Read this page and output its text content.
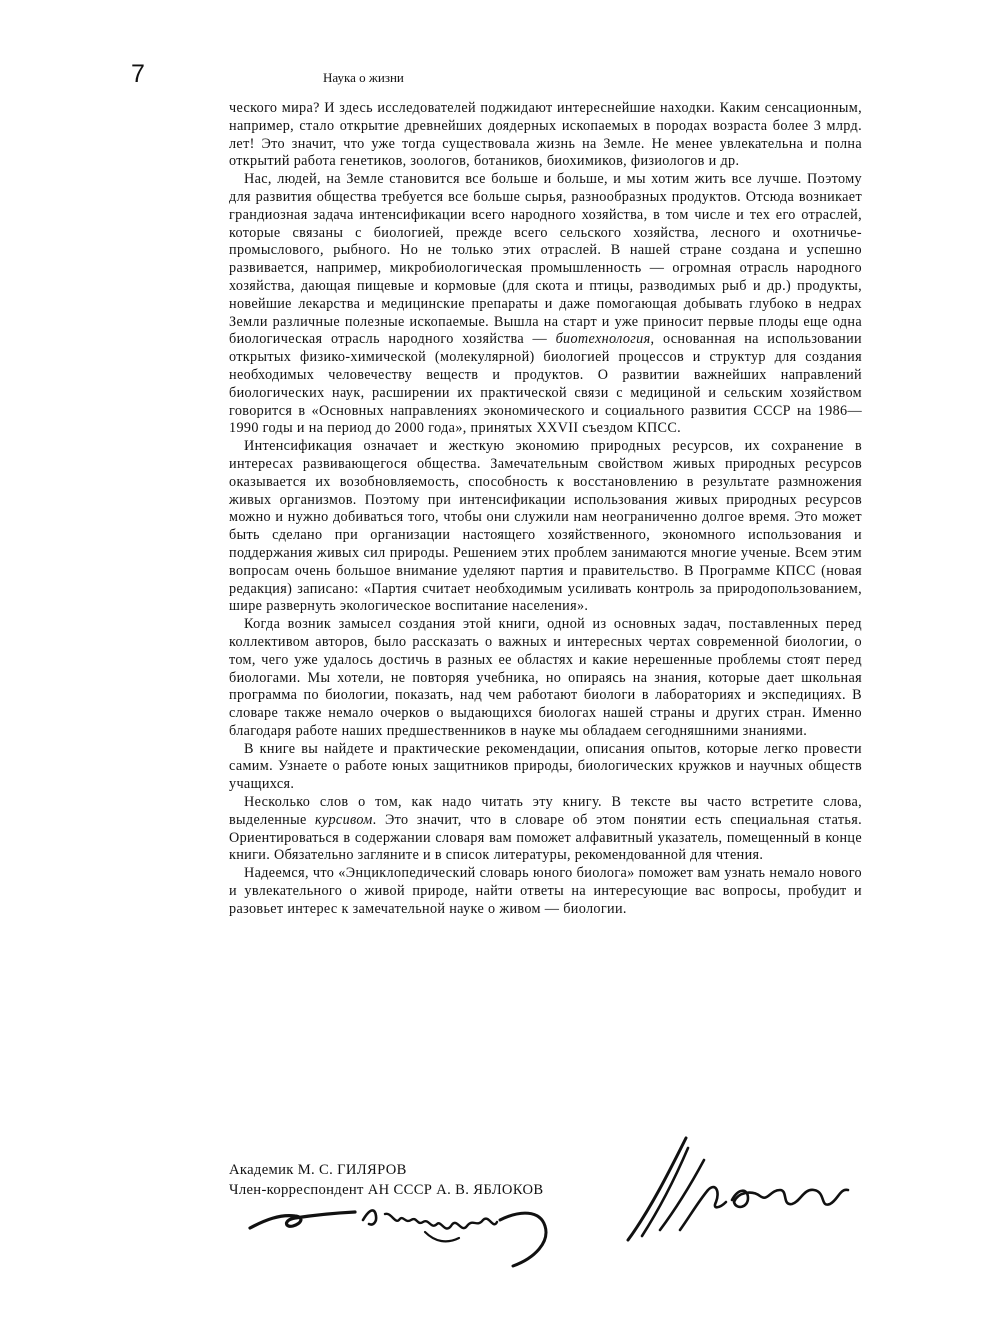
7	Наука о жизни

ческого мира? И здесь исследователей поджидают интереснейшие находки. Каким сенсационным, например, стало открытие древнейших доядерных ископаемых в породах возраста более 3 млрд. лет! Это значит, что уже тогда существовала жизнь на Земле. Не менее увлекательна и полна открытий работа генетиков, зоологов, ботаников, биохимиков, физиологов и др.

Нас, людей, на Земле становится все больше и больше, и мы хотим жить все лучше. Поэтому для развития общества требуется все больше сырья, разнообразных продуктов. Отсюда возникает грандиозная задача интенсификации всего народного хозяйства, в том числе и тех его отраслей, которые связаны с биологией, прежде всего сельского хозяйства, лесного и охотничье-промыслового, рыбного. Но не только этих отраслей. В нашей стране создана и успешно развивается, например, микробиологическая промышленность — огромная отрасль народного хозяйства, дающая пищевые и кормовые (для скота и птицы, разводимых рыб и др.) продукты, новейшие лекарства и медицинские препараты и даже помогающая добывать глубоко в недрах Земли различные полезные ископаемые. Вышла на старт и уже приносит первые плоды еще одна биологическая отрасль народного хозяйства — биотехнология, основанная на использовании открытых физико-химической (молекулярной) биологией процессов и структур для создания необходимых человечеству веществ и продуктов. О развитии важнейших направлений биологических наук, расширении их практической связи с медициной и сельским хозяйством говорится в «Основных направлениях экономического и социального развития СССР на 1986—1990 годы и на период до 2000 года», принятых XXVII съездом КПСС.

Интенсификация означает и жесткую экономию природных ресурсов, их сохранение в интересах развивающегося общества. Замечательным свойством живых природных ресурсов оказывается их возобновляемость, способность к восстановлению в результате размножения живых организмов. Поэтому при интенсификации использования живых природных ресурсов можно и нужно добиваться того, чтобы они служили нам неограниченно долгое время. Это может быть сделано при организации настоящего хозяйственного, экономного использования и поддержания живых сил природы. Решением этих проблем занимаются многие ученые. Всем этим вопросам очень большое внимание уделяют партия и правительство. В Программе КПСС (новая редакция) записано: «Партия считает необходимым усиливать контроль за природопользованием, шире развернуть экологическое воспитание населения».

Когда возник замысел создания этой книги, одной из основных задач, поставленных перед коллективом авторов, было рассказать о важных и интересных чертах современной биологии, о том, чего уже удалось достичь в разных ее областях и какие нерешенные проблемы стоят перед биологами. Мы хотели, не повторяя учебника, но опираясь на знания, которые дает школьная программа по биологии, показать, над чем работают биологи в лабораториях и экспедициях. В словаре также немало очерков о выдающихся биологах нашей страны и других стран. Именно благодаря работе наших предшественников в науке мы обладаем сегодняшними знаниями.

В книге вы найдете и практические рекомендации, описания опытов, которые легко провести самим. Узнаете о работе юных защитников природы, биологических кружков и научных обществ учащихся.

Несколько слов о том, как надо читать эту книгу. В тексте вы часто встретите слова, выделенные курсивом. Это значит, что в словаре об этом понятии есть специальная статья. Ориентироваться в содержании словаря вам поможет алфавитный указатель, помещенный в конце книги. Обязательно загляните и в список литературы, рекомендованной для чтения.

Надеемся, что «Энциклопедический словарь юного биолога» поможет вам узнать немало нового и увлекательного о живой природе, найти ответы на интересующие вас вопросы, пробудит и разовьет интерес к замечательной науке о живом — биологии.

Академик М. С. ГИЛЯРОВ
Член-корреспондент АН СССР А. В. ЯБЛОКОВ
